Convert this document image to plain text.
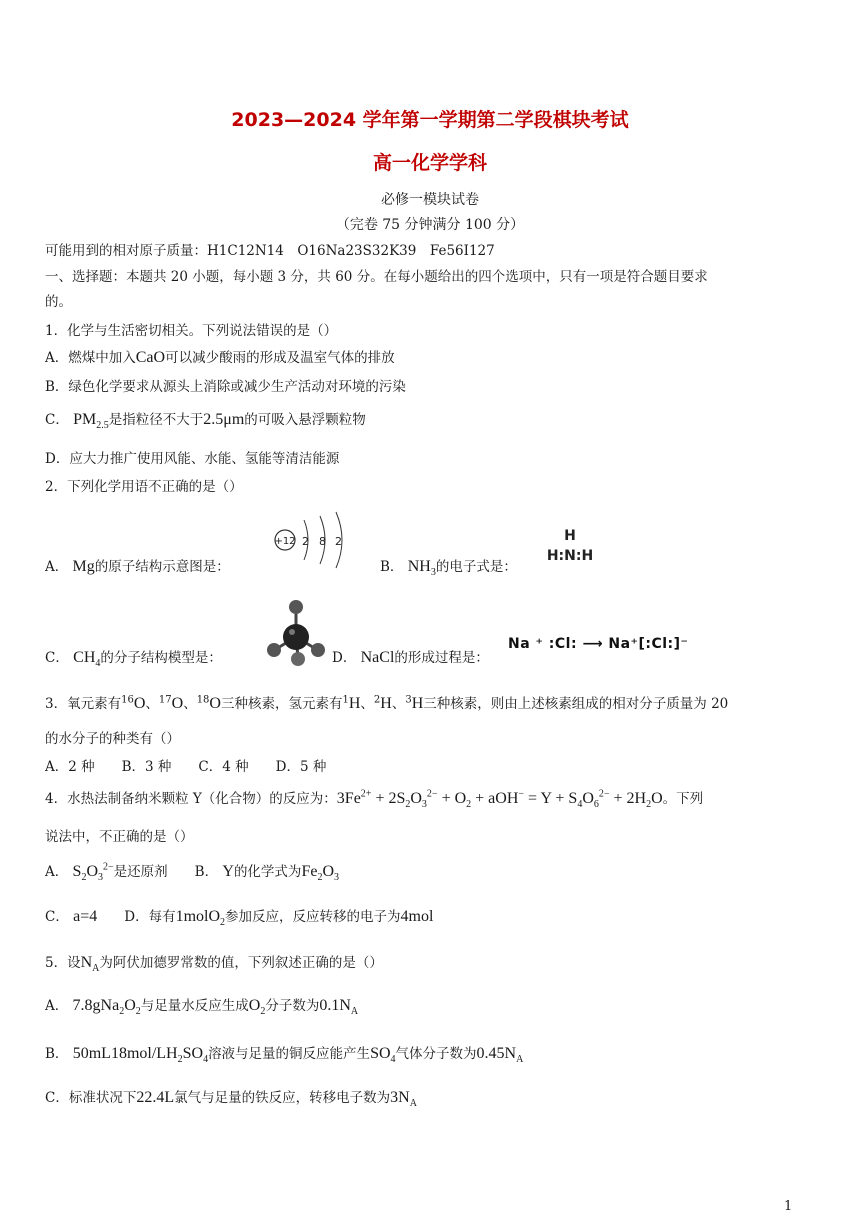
2023—2024 学年第一学期第二学段棋块考试
高一化学学科
必修一模块试卷
（完卷 75 分钟满分 100 分）
可能用到的相对原子质量：H1C12N14　O16Na23S32K39　Fe56I127
一、选择题：本题共 20 小题，每小题 3 分，共 60 分。在每小题给出的四个选项中，只有一项是符合题目要求
的。
1．化学与生活密切相关。下列说法错误的是（）
A．燃煤中加入CaO可以减少酸雨的形成及温室气体的排放
B．绿色化学要求从源头上消除或减少生产活动对环境的污染
C． $PM_{2.5}$是指粒径不大于2.5μm的可吸入悬浮颗粒物
D．应大力推广使用风能、水能、氢能等清洁能源
2．下列化学用语不正确的是（）
A． Mg的原子结构示意图是：
+12 2 8 2
B． $NH_3$的电子式是：
H
H:N:H
C． $CH_4$的分子结构模型是：	D． NaCl的形成过程是：
Na ⁺ :Cl: ⟶ Na⁺[:Cl:]⁻
3．氧元素有$^{16}$O、$^{17}$O、$^{18}$O三种核素，氢元素有$^1$H、$^2$H、$^3$H三种核素，则由上述核素组成的相对分子质量为 20
的水分子的种类有（）
A．2 种　　B．3 种　　C．4 种　　D．5 种
4．水热法制备纳米颗粒 Y（化合物）的反应为：$3Fe^{2+} + 2S_2O_3^{2-} + O_2 + aOH^- = Y + S_4O_6^{2-} + 2H_2O$。下列
说法中，不正确的是（）
A． $S_2O_3^{2-}$是还原剂　　 B． Y的化学式为$Fe_2O_3$
C． a=4　　 D．每有1molO$_2$参加反应，反应转移的电子为4mol
5．设$N_A$为阿伏加德罗常数的值，下列叙述正确的是（）
A． $7.8gNa_2O_2$与足量水反应生成$O_2$分子数为$0.1N_A$
B． $50mL18mol/LH_2SO_4$溶液与足量的铜反应能产生$SO_4$气体分子数为$0.45N_A$
C．标准状况下22.4L氯气与足量的铁反应，转移电子数为$3N_A$
1
